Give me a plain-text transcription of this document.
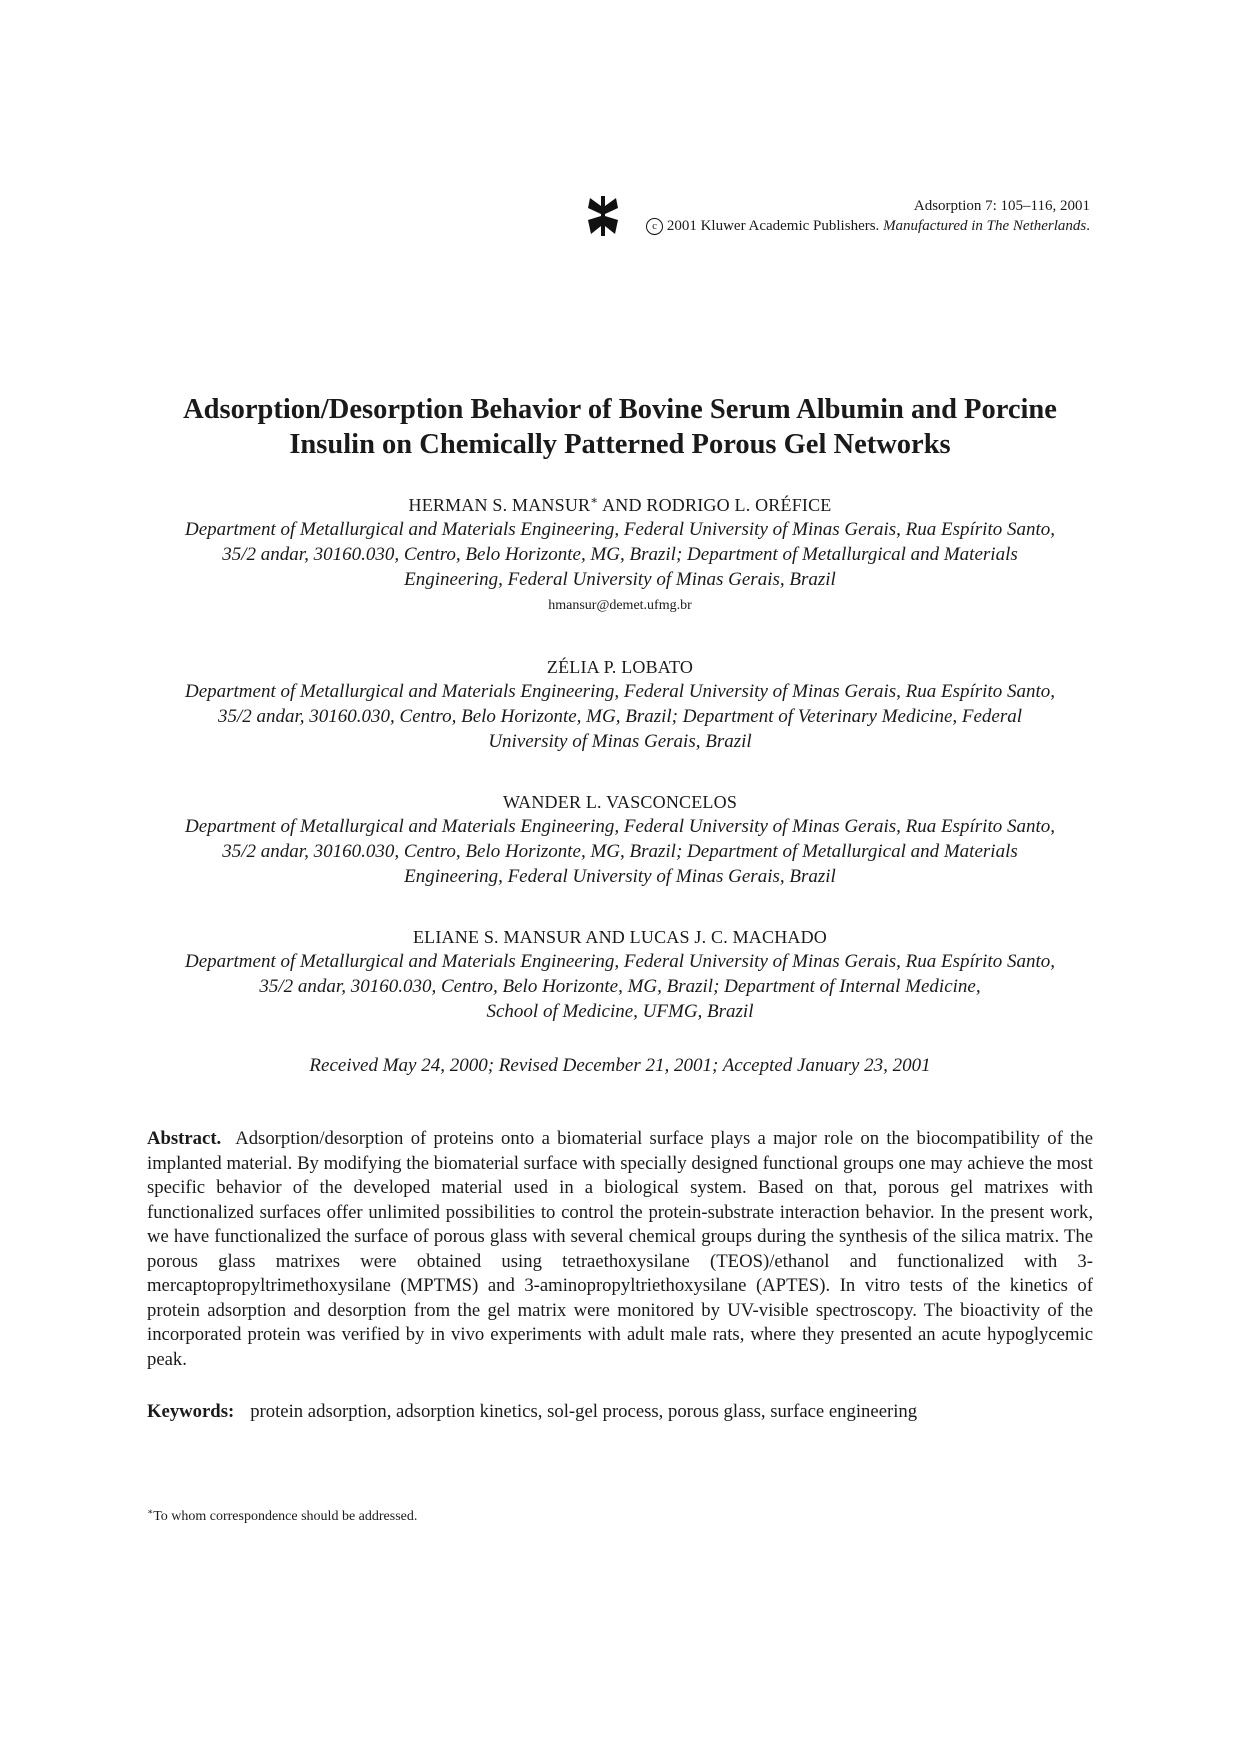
Adsorption 7: 105–116, 2001
c 2001 Kluwer Academic Publishers. Manufactured in The Netherlands.
Adsorption/Desorption Behavior of Bovine Serum Albumin and Porcine
Insulin on Chemically Patterned Porous Gel Networks
HERMAN S. MANSUR∗ AND RODRIGO L. ORÉFICE
Department of Metallurgical and Materials Engineering, Federal University of Minas Gerais, Rua Espírito Santo,
35/2 andar, 30160.030, Centro, Belo Horizonte, MG, Brazil; Department of Metallurgical and Materials
Engineering, Federal University of Minas Gerais, Brazil
hmansur@demet.ufmg.br
ZÉLIA P. LOBATO
Department of Metallurgical and Materials Engineering, Federal University of Minas Gerais, Rua Espírito Santo,
35/2 andar, 30160.030, Centro, Belo Horizonte, MG, Brazil; Department of Veterinary Medicine, Federal
University of Minas Gerais, Brazil
WANDER L. VASCONCELOS
Department of Metallurgical and Materials Engineering, Federal University of Minas Gerais, Rua Espírito Santo,
35/2 andar, 30160.030, Centro, Belo Horizonte, MG, Brazil; Department of Metallurgical and Materials
Engineering, Federal University of Minas Gerais, Brazil
ELIANE S. MANSUR AND LUCAS J. C. MACHADO
Department of Metallurgical and Materials Engineering, Federal University of Minas Gerais, Rua Espírito Santo,
35/2 andar, 30160.030, Centro, Belo Horizonte, MG, Brazil; Department of Internal Medicine,
School of Medicine, UFMG, Brazil
Received May 24, 2000; Revised December 21, 2001; Accepted January 23, 2001
Abstract. Adsorption/desorption of proteins onto a biomaterial surface plays a major role on the biocompatibility of the implanted material. By modifying the biomaterial surface with specially designed functional groups one may achieve the most specific behavior of the developed material used in a biological system. Based on that, porous gel matrixes with functionalized surfaces offer unlimited possibilities to control the protein-substrate interaction behavior. In the present work, we have functionalized the surface of porous glass with several chemical groups during the synthesis of the silica matrix. The porous glass matrixes were obtained using tetraethoxysilane (TEOS)/ethanol and functionalized with 3-mercaptopropyltrimethoxysilane (MPTMS) and 3-aminopropyltriethoxysilane (APTES). In vitro tests of the kinetics of protein adsorption and desorption from the gel matrix were monitored by UV-visible spectroscopy. The bioactivity of the incorporated protein was verified by in vivo experiments with adult male rats, where they presented an acute hypoglycemic peak.
Keywords: protein adsorption, adsorption kinetics, sol-gel process, porous glass, surface engineering
∗To whom correspondence should be addressed.
